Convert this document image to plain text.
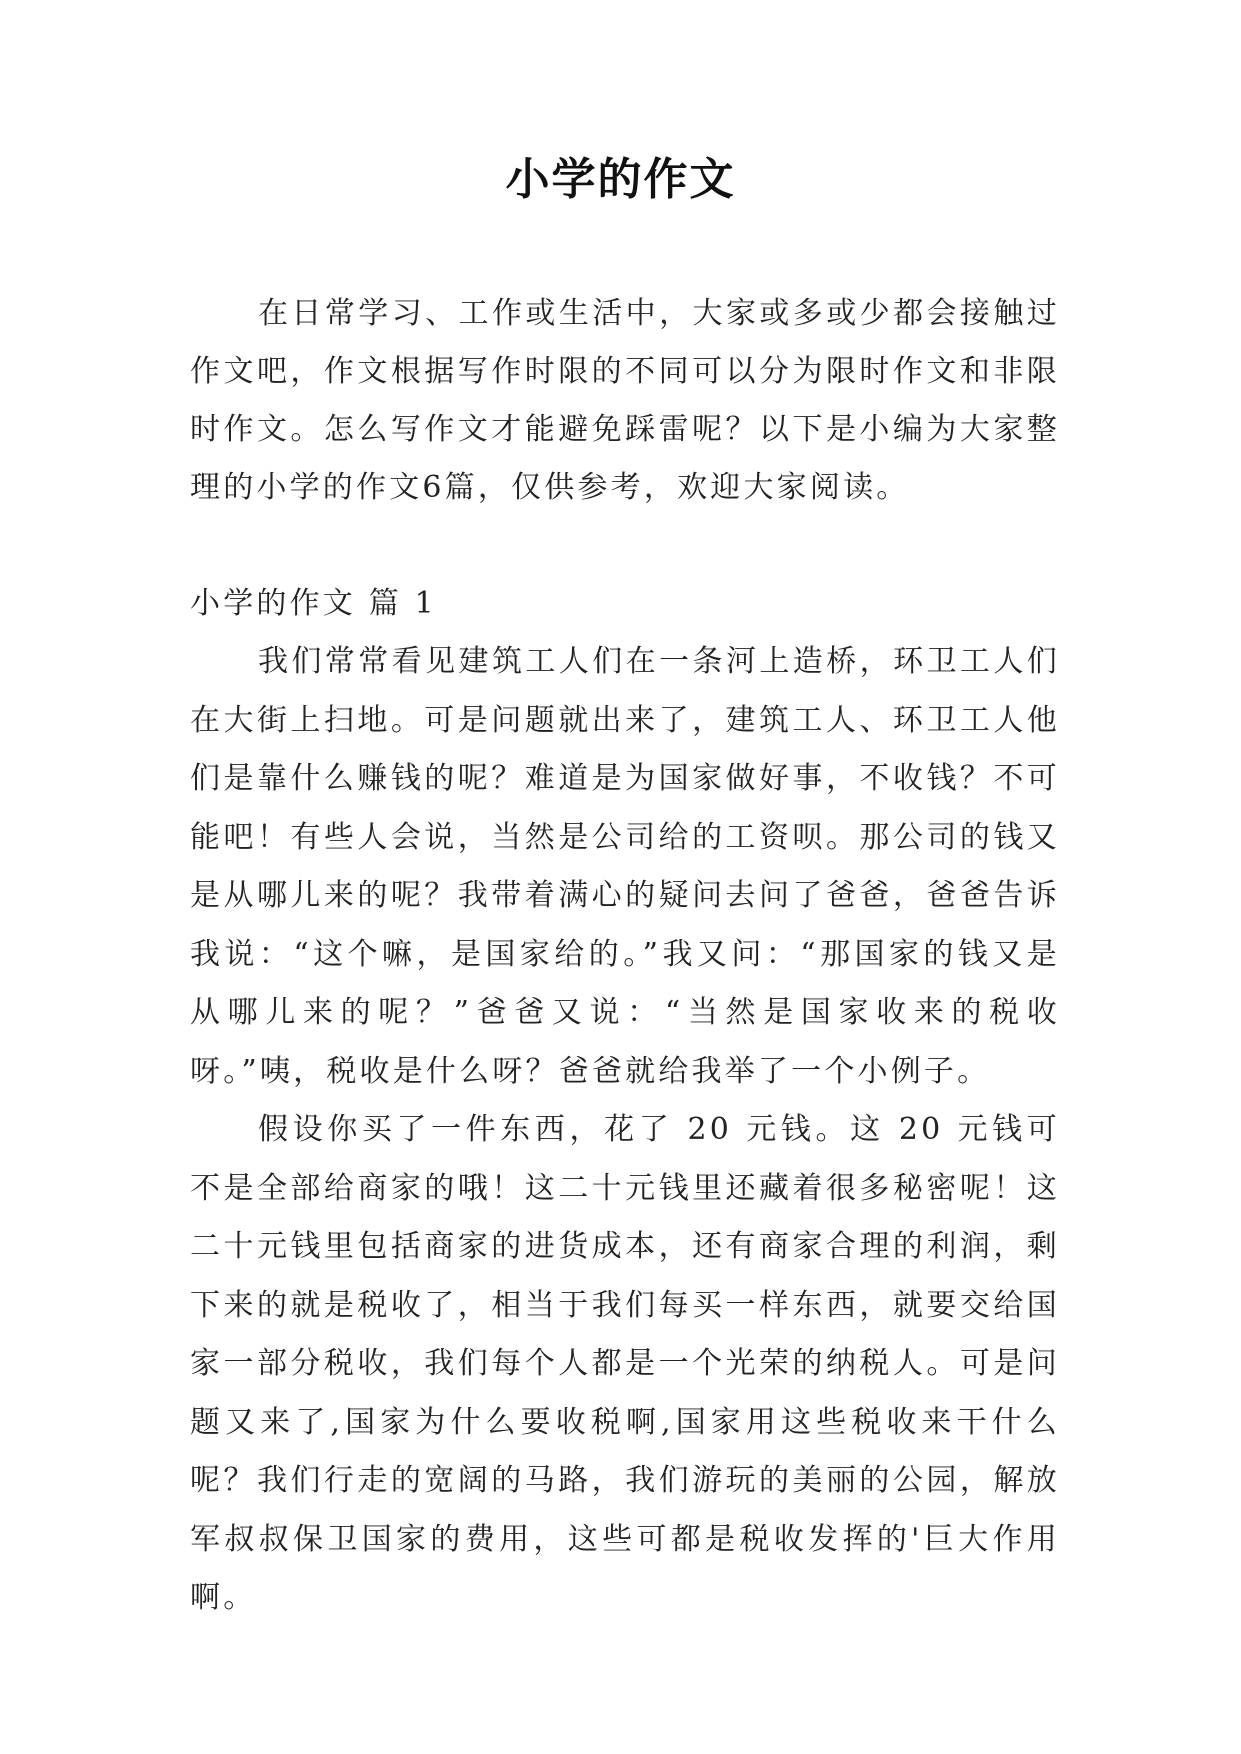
小学的作文

在日常学习、工作或生活中，大家或多或少都会接触过作文吧，作文根据写作时限的不同可以分为限时作文和非限时作文。怎么写作文才能避免踩雷呢？以下是小编为大家整理的小学的作文6篇，仅供参考，欢迎大家阅读。

小学的作文 篇 1

我们常常看见建筑工人们在一条河上造桥，环卫工人们在大街上扫地。可是问题就出来了，建筑工人、环卫工人他们是靠什么赚钱的呢？难道是为国家做好事，不收钱？不可能吧！有些人会说，当然是公司给的工资呗。那公司的钱又是从哪儿来的呢？我带着满心的疑问去问了爸爸，爸爸告诉我说：“这个嘛，是国家给的。”我又问：“那国家的钱又是从哪儿来的呢？”爸爸又说：“当然是国家收来的税收呀。”咦，税收是什么呀？爸爸就给我举了一个小例子。

假设你买了一件东西，花了 20 元钱。这 20 元钱可不是全部给商家的哦！这二十元钱里还藏着很多秘密呢！这二十元钱里包括商家的进货成本，还有商家合理的利润，剩下来的就是税收了，相当于我们每买一样东西，就要交给国家一部分税收，我们每个人都是一个光荣的纳税人。可是问题又来了,国家为什么要收税啊,国家用这些税收来干什么呢？我们行走的宽阔的马路，我们游玩的美丽的公园，解放军叔叔保卫国家的费用，这些可都是税收发挥的'巨大作用啊。
